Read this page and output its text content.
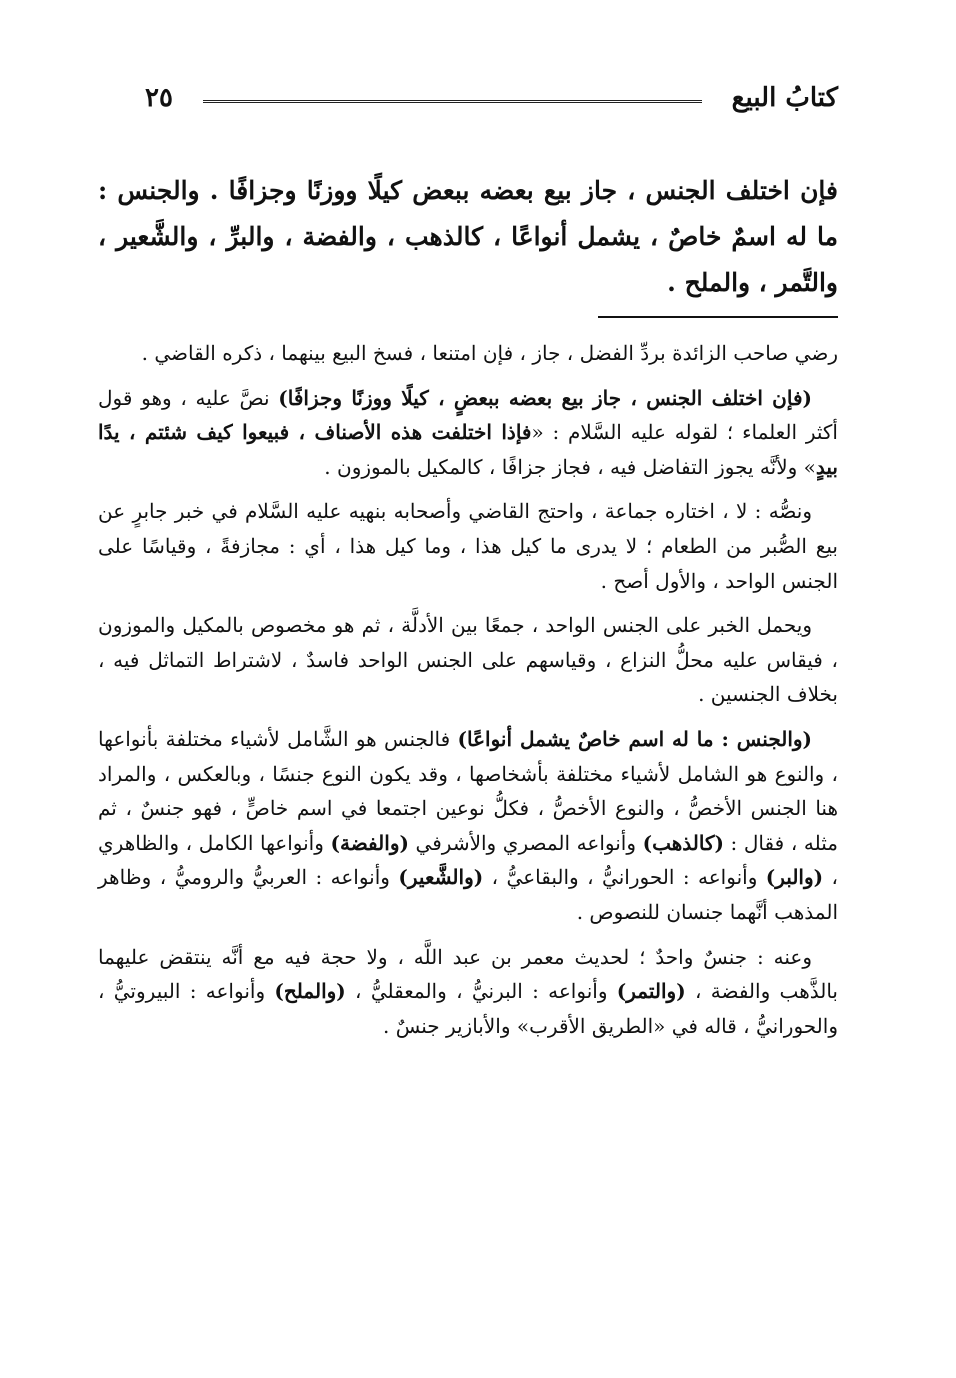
كتابُ البيع
٢٥

فإن اختلف الجنس ، جاز بيع بعضه ببعض كيلًا ووزنًا وجزافًا . والجنس : ما له اسمٌ خاصٌ ، يشمل أنواعًا ، كالذهب ، والفضة ، والبرِّ ، والشَّعير ، والتَّمر ، والملح .

رضي صاحب الزائدة بردِّ الفضل ، جاز ، فإن امتنعا ، فسخ البيع بينهما ، ذكره القاضي .

(فإن اختلف الجنس ، جاز بيع بعضه ببعضٍ ، كيلًا ووزنًا وجزافًا) نصَّ عليه ، وهو قول أكثر العلماء ؛ لقوله عليه السَّلام : «فإذا اختلفت هذه الأصناف ، فبيعوا كيف شئتم ، يدًا بيدٍ» ولأنَّه يجوز التفاضل فيه ، فجاز جزافًا ، كالمكيل بالموزون .

ونصُّه : لا ، اختاره جماعة ، واحتج القاضي وأصحابه بنهيه عليه السَّلام في خبر جابرٍ عن بيع الصُّبر من الطعام ؛ لا يدرى ما كيل هذا ، وما كيل هذا ، أي : مجازفةً ، وقياسًا على الجنس الواحد ، والأول أصح .

ويحمل الخبر على الجنس الواحد ، جمعًا بين الأدلَّة ، ثم هو مخصوص بالمكيل والموزون ، فيقاس عليه محلُّ النزاع ، وقياسهم على الجنس الواحد فاسدٌ ، لاشتراط التماثل فيه ، بخلاف الجنسين .

(والجنس : ما له اسم خاصٌ يشمل أنواعًا) فالجنس هو الشَّامل لأشياء مختلفة بأنواعها ، والنوع هو الشامل لأشياء مختلفة بأشخاصها ، وقد يكون النوع جنسًا ، وبالعكس ، والمراد هنا الجنس الأخصُّ ، والنوع الأخصُّ ، فكلُّ نوعين اجتمعا في اسم خاصٍّ ، فهو جنسٌ ، ثم مثله ، فقال : (كالذهب) وأنواعه المصري والأشرفي (والفضة) وأنواعها الكامل ، والظاهري ، (والبر) وأنواعه : الحورانيُّ ، والبقاعيُّ ، (والشَّعير) وأنواعه : العربيُّ والروميُّ ، وظاهر المذهب أنَّهما جنسان للنصوص .

وعنه : جنسٌ واحدٌ ؛ لحديث معمر بن عبد اللَّه ، ولا حجة فيه مع أنَّه ينتقض عليهما بالذَّهب والفضة ، (والتمر) وأنواعه : البرنيُّ ، والمعقليُّ ، (والملح) وأنواعه : البيروتيُّ ، والحورانيُّ ، قاله في «الطريق الأقرب» والأبازير جنسٌ .
